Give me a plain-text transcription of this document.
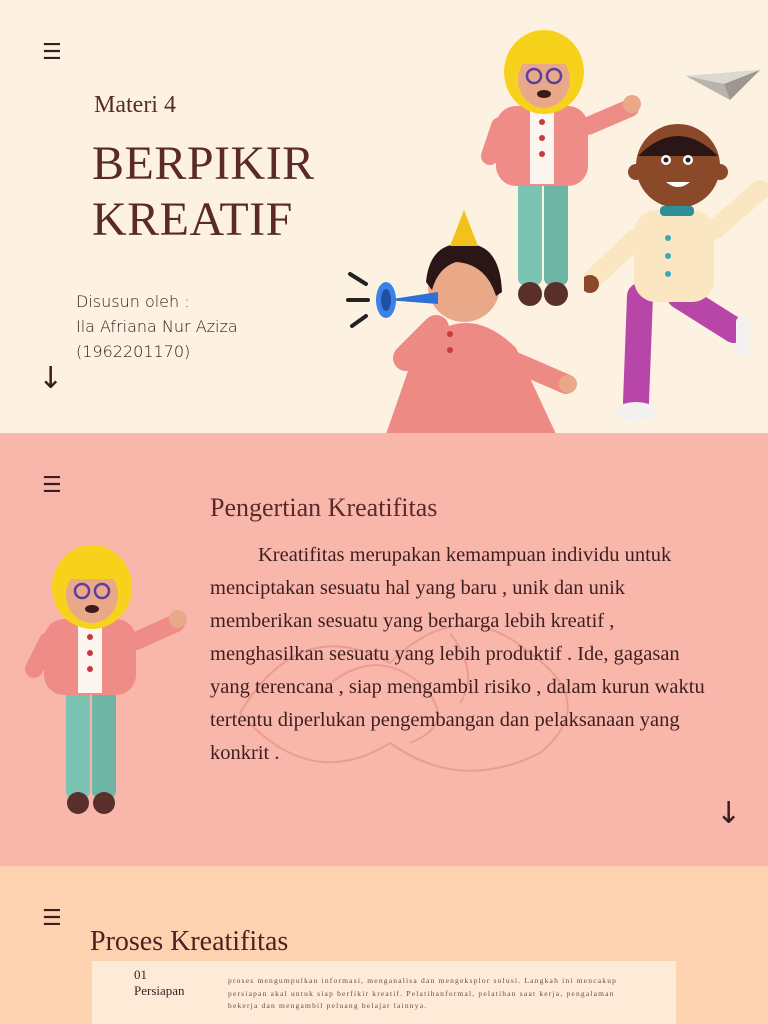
☰
Materi 4
BERPIKIR
KREATIF
Disusun oleh :
Ila Afriana Nur Aziza
(1962201170)
↓
☰
Pengertian Kreatifitas
Kreatifitas merupakan kemampuan individu untuk menciptakan sesuatu hal yang baru , unik dan unik memberikan sesuatu yang berharga lebih kreatif , menghasilkan sesuatu yang lebih produktif . Ide, gagasan yang terencana , siap mengambil risiko , dalam kurun waktu tertentu diperlukan pengembangan dan pelaksanaan yang konkrit .
↓
☰
Proses Kreatifitas
01
Persiapan
proses mengumpulkan informasi, menganalisa dan mengeksplor solusi. Langkah ini mencakup persiapan akal untuk siap berfikir kreatif. Pelatihanformal, pelatihan saat kerja, pengalaman bekerja dan mengambil peluang belajar lainnya.
